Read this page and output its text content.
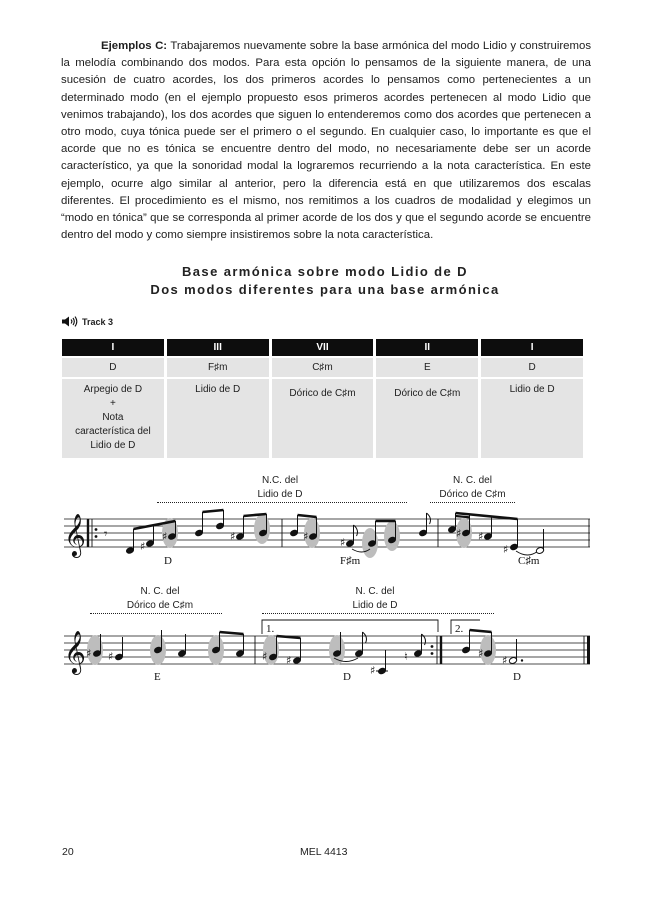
Ejemplos C: Trabajaremos nuevamente sobre la base armónica del modo Lidio y construiremos la melodía combinando dos modos. Para esta opción lo pensamos de la siguiente manera, de una sucesión de cuatro acordes, los dos primeros acordes lo pensamos como pertenecientes a un determinado modo (en el ejemplo propuesto esos primeros acordes pertenecen al modo Lidio que venimos trabajando), los dos acordes que siguen lo entenderemos como dos acordes que pertenecen a otro modo, cuya tónica puede ser el primero o el segundo. En cualquier caso, lo importante es que el acorde que no es tónica se encuentre dentro del modo, no necesariamente debe ser un acorde característico, ya que la sonoridad modal la lograremos recurriendo a la nota característica. En este ejemplo, ocurre algo similar al anterior, pero la diferencia está en que utilizaremos dos escalas diferentes. El procedimiento es el mismo, nos remitimos a los cuadros de modalidad y elegimos un “modo en tónica” que se corresponda al primer acorde de los dos y que el segundo acorde se encuentre dentro del modo y como siempre insistiremos sobre la nota característica.
Base armónica sobre modo Lidio de D
Dos modos diferentes para una base armónica
Track 3
I	III	VII	II	I
D	F♯m	C♯m	E	D

Arpegio de D
+
Nota
característica del
Lidio de D	Lidio de D	Dórico de C♯m	Dórico de C♯m	Lidio de D
N.C. del
Lidio de D
N. C. del
Dórico de C♯m
𝄞 𝄾
♯
♯	♯	♯	♯
♯ ♯
♯
D	F♯m	C♯m
N. C. del
Dórico de C♯m
N. C. del
Lidio de D
𝄞
1.	2.
♯ ♯	♯ ♯
♯
♮	♯
♯
E	D	D
20	MEL 4413
